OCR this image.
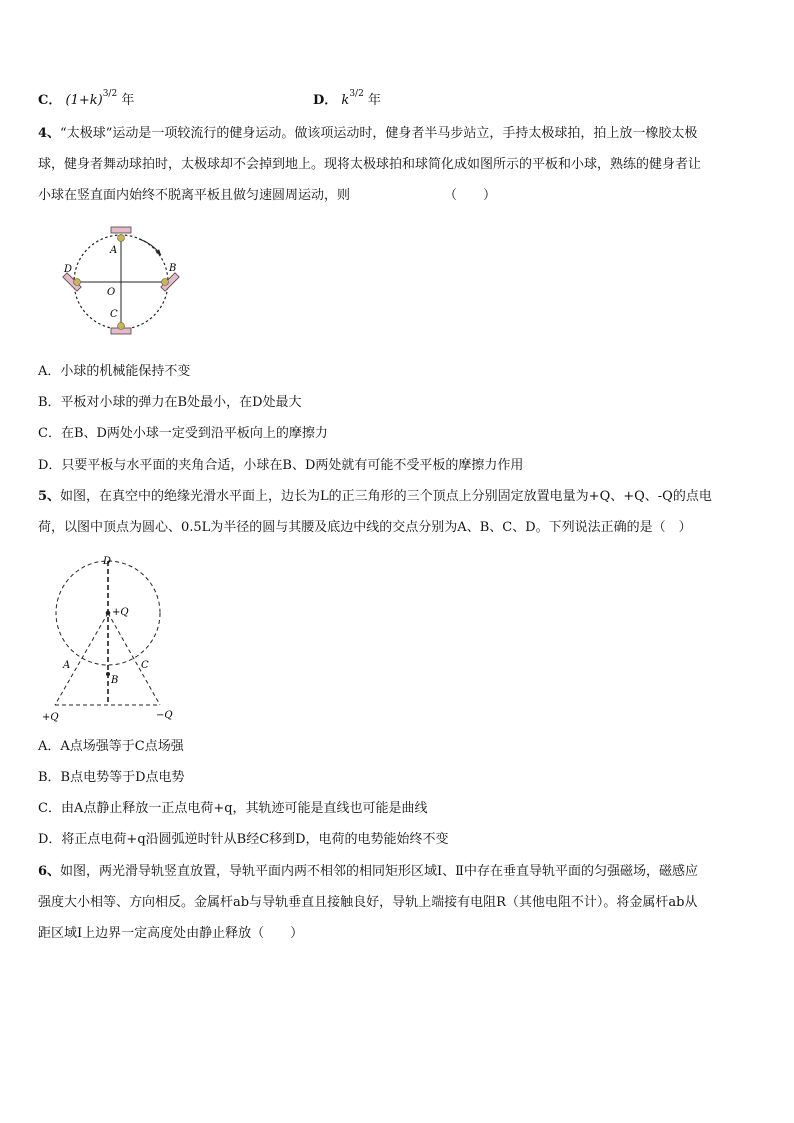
C． $(1+k)^{3/2}$ 年	D． $k^{3/2}$ 年
4、“太极球”运动是一项较流行的健身运动。做该项运动时，健身者半马步站立，手持太极球拍，拍上放一橡胶太极
球，健身者舞动球拍时，太极球却不会掉到地上。现将太极球拍和球简化成如图所示的平板和小球，熟练的健身者让
小球在竖直面内始终不脱离平板且做匀速圆周运动，则	（　　）
A
B
C
D
O
A．小球的机械能保持不变
B．平板对小球的弹力在B处最小，在D处最大
C．在B、D两处小球一定受到沿平板向上的摩擦力
D．只要平板与水平面的夹角合适，小球在B、D两处就有可能不受平板的摩擦力作用
5、如图，在真空中的绝缘光滑水平面上，边长为L的正三角形的三个顶点上分别固定放置电量为+Q、+Q、-Q的点电
荷，以图中顶点为圆心、0.5L为半径的圆与其腰及底边中线的交点分别为A、B、C、D。下列说法正确的是（　）
D
+Q
A
B
C
+Q	−Q
A．A点场强等于C点场强
B．B点电势等于D点电势
C．由A点静止释放一正点电荷+q，其轨迹可能是直线也可能是曲线
D．将正点电荷+q沿圆弧逆时针从B经C移到D，电荷的电势能始终不变
6、如图，两光滑导轨竖直放置，导轨平面内两不相邻的相同矩形区域Ⅰ、Ⅱ中存在垂直导轨平面的匀强磁场，磁感应
强度大小相等、方向相反。金属杆ab与导轨垂直且接触良好，导轨上端接有电阻R（其他电阻不计）。将金属杆ab从
距区域Ⅰ上边界一定高度处由静止释放（　　）
